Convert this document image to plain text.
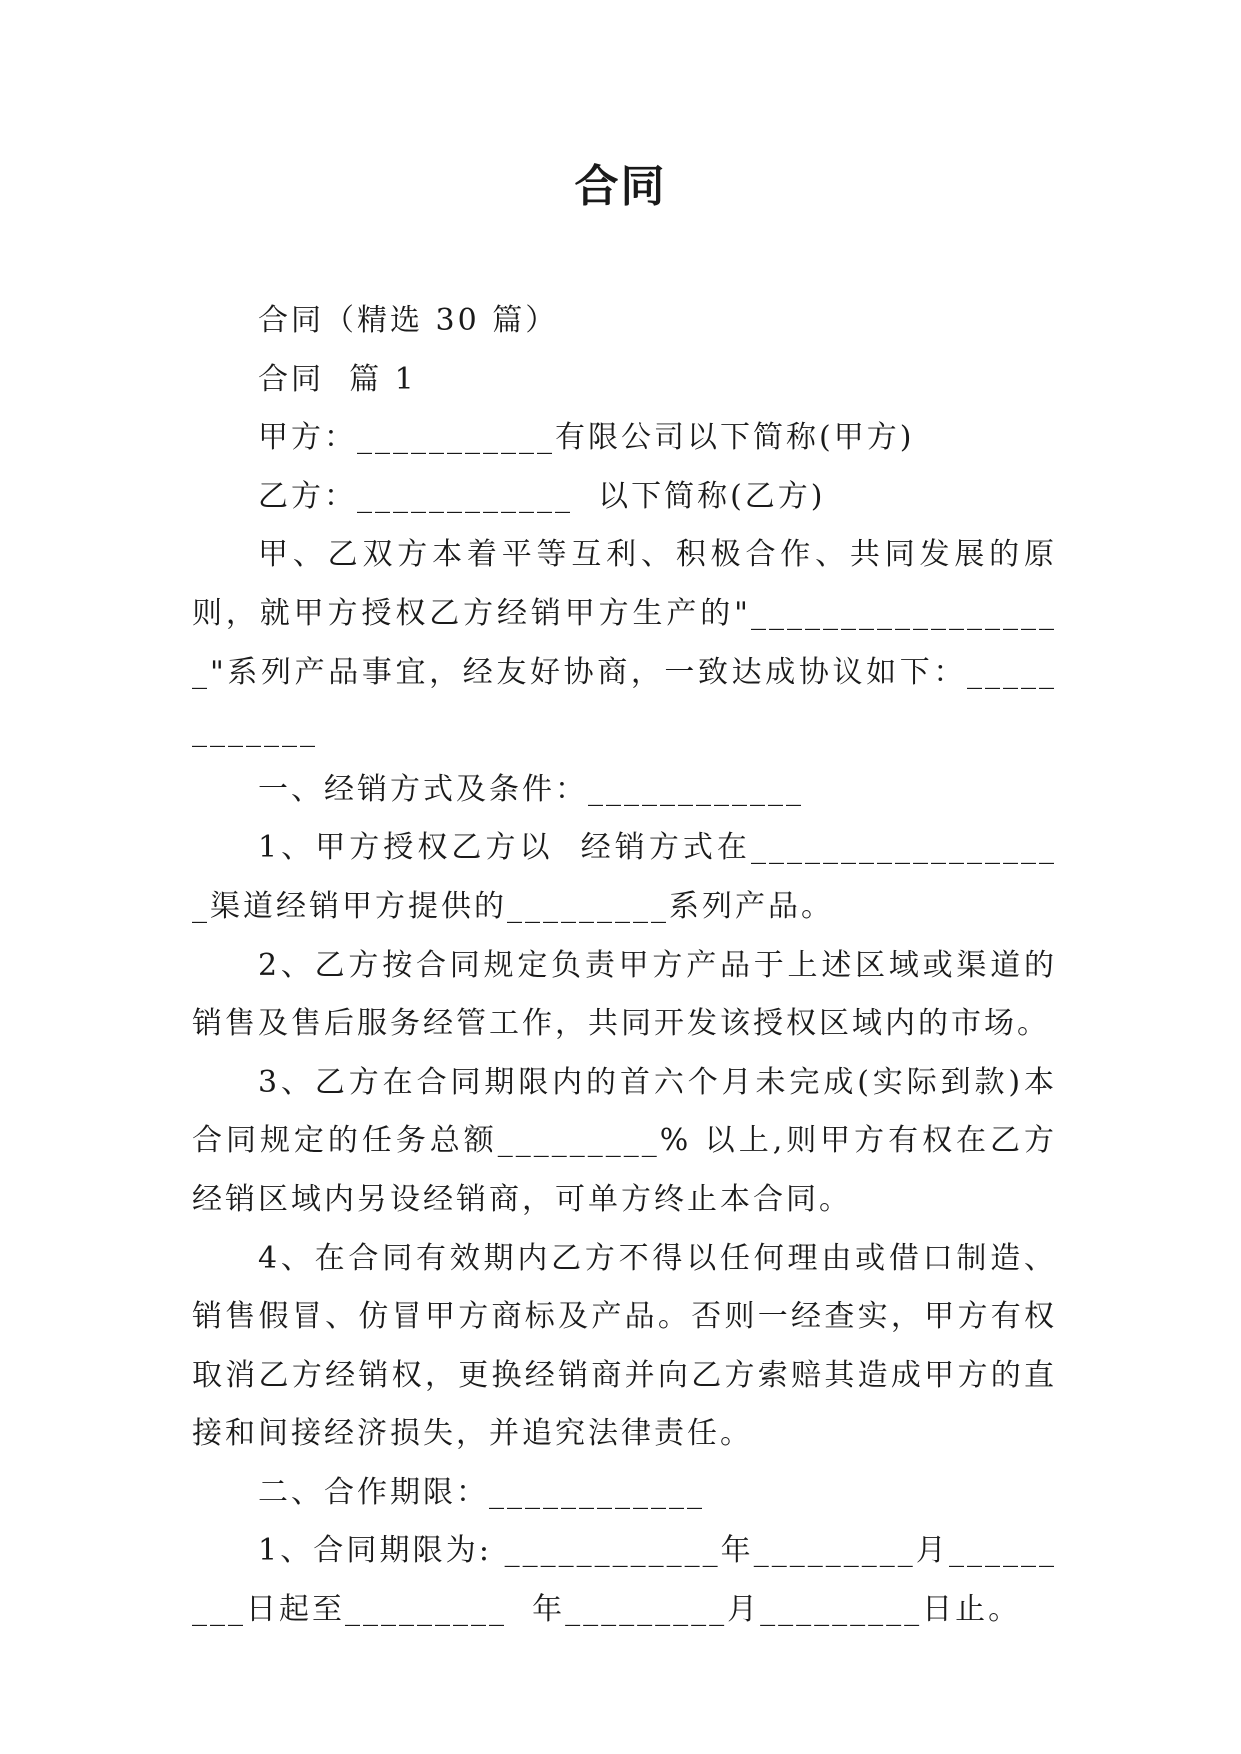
合同

合同（精选 30 篇）

合同  篇 1

甲方：___________有限公司以下简称(甲方)

乙方：____________  以下简称(乙方)

甲、乙双方本着平等互利、积极合作、共同发展的原则，就甲方授权乙方经销甲方生产的"__________________"系列产品事宜，经友好协商，一致达成协议如下：____________

一、经销方式及条件：____________

1、甲方授权乙方以  经销方式在__________________渠道经销甲方提供的_________系列产品。

2、乙方按合同规定负责甲方产品于上述区域或渠道的销售及售后服务经管工作，共同开发该授权区域内的市场。

3、乙方在合同期限内的首六个月未完成(实际到款)本合同规定的任务总额_________% 以上,则甲方有权在乙方经销区域内另设经销商，可单方终止本合同。

4、在合同有效期内乙方不得以任何理由或借口制造、销售假冒、仿冒甲方商标及产品。否则一经查实，甲方有权取消乙方经销权，更换经销商并向乙方索赔其造成甲方的直接和间接经济损失，并追究法律责任。

二、合作期限：____________

1、合同期限为: ____________年_________月_________日起至_________  年_________月_________日止。
